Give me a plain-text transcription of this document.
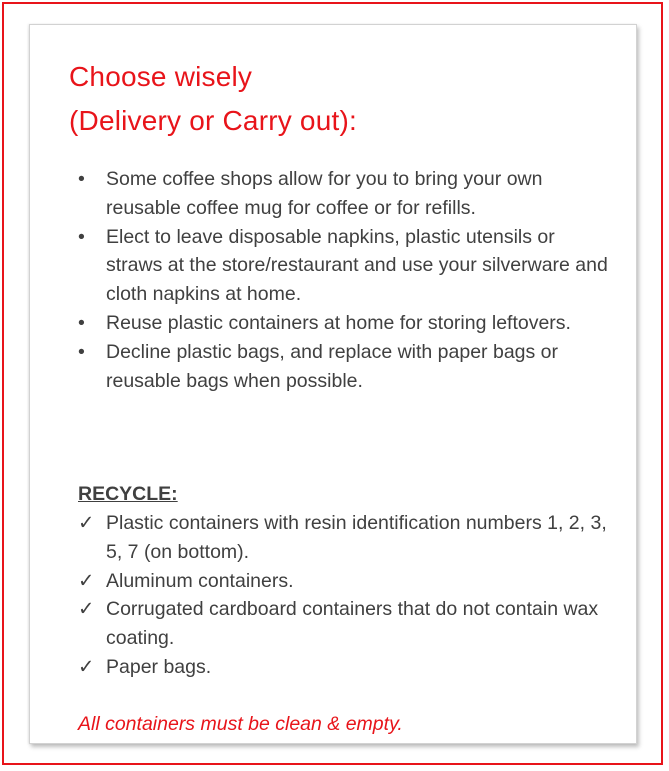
Choose wisely
(Delivery or Carry out):
•	Some coffee shops allow for you to bring your own reusable coffee mug for coffee or for refills.
•	Elect to leave disposable napkins, plastic utensils or straws at the store/restaurant and use your silverware and cloth napkins at home.
•	Reuse plastic containers at home for storing leftovers.
•	Decline plastic bags, and replace with paper bags or reusable bags when possible.

RECYCLE:

✓ Plastic containers with resin identification numbers 1, 2, 3, 5, 7 (on bottom).
✓ Aluminum containers.
✓ Corrugated cardboard containers that do not contain wax coating.
✓ Paper bags.

All containers must be clean & empty.
